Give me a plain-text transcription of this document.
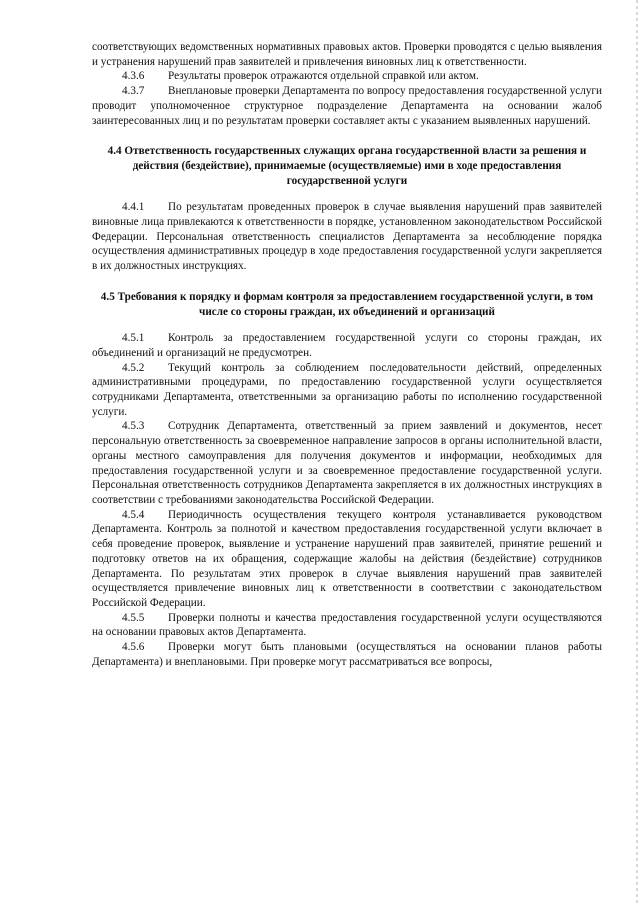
соответствующих ведомственных нормативных правовых актов. Проверки проводятся с целью выявления и устранения нарушений прав заявителей и привлечения виновных лиц к ответственности.

4.3.6 Результаты проверок отражаются отдельной справкой или актом.

4.3.7 Внеплановые проверки Департамента по вопросу предоставления государственной услуги проводит уполномоченное структурное подразделение Департамента на основании жалоб заинтересованных лиц и по результатам проверки составляет акты с указанием выявленных нарушений.

4.4 Ответственность государственных служащих органа государственной власти за решения и действия (бездействие), принимаемые (осуществляемые) ими в ходе предоставления государственной услуги

4.4.1 По результатам проведенных проверок в случае выявления нарушений прав заявителей виновные лица привлекаются к ответственности в порядке, установленном законодательством Российской Федерации. Персональная ответственность специалистов Департамента за несоблюдение порядка осуществления административных процедур в ходе предоставления государственной услуги закрепляется в их должностных инструкциях.

4.5 Требования к порядку и формам контроля за предоставлением государственной услуги, в том числе со стороны граждан, их объединений и организаций

4.5.1 Контроль за предоставлением государственной услуги со стороны граждан, их объединений и организаций не предусмотрен.

4.5.2 Текущий контроль за соблюдением последовательности действий, определенных административными процедурами, по предоставлению государственной услуги осуществляется сотрудниками Департамента, ответственными за организацию работы по исполнению государственной услуги.

4.5.3 Сотрудник Департамента, ответственный за прием заявлений и документов, несет персональную ответственность за своевременное направление запросов в органы исполнительной власти, органы местного самоуправления для получения документов и информации, необходимых для предоставления государственной услуги и за своевременное предоставление государственной услуги. Персональная ответственность сотрудников Департамента закрепляется в их должностных инструкциях в соответствии с требованиями законодательства Российской Федерации.

4.5.4 Периодичность осуществления текущего контроля устанавливается руководством Департамента. Контроль за полнотой и качеством предоставления государственной услуги включает в себя проведение проверок, выявление и устранение нарушений прав заявителей, принятие решений и подготовку ответов на их обращения, содержащие жалобы на действия (бездействие) сотрудников Департамента. По результатам этих проверок в случае выявления нарушений прав заявителей осуществляется привлечение виновных лиц к ответственности в соответствии с законодательством Российской Федерации.

4.5.5 Проверки полноты и качества предоставления государственной услуги осуществляются на основании правовых актов Департамента.

4.5.6 Проверки могут быть плановыми (осуществляться на основании планов работы Департамента) и внеплановыми. При проверке могут рассматриваться все вопросы,
